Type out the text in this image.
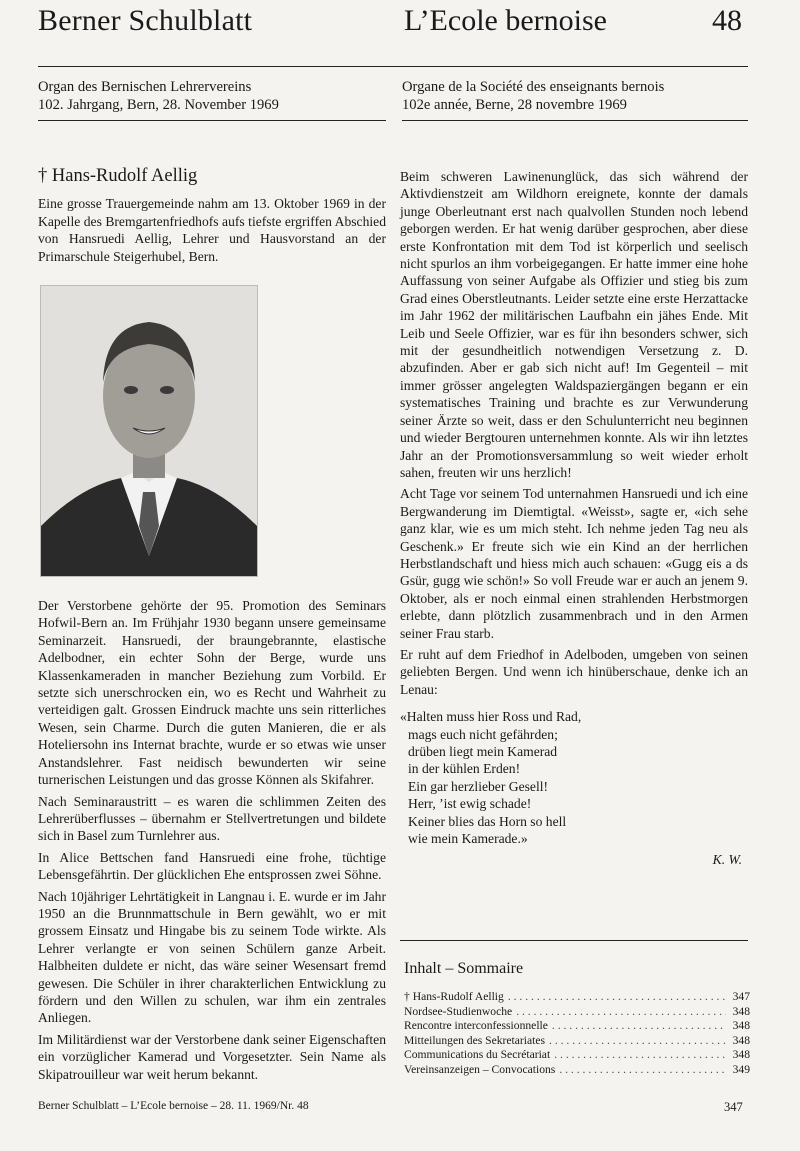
Berner Schulblatt	L’Ecole bernoise	48
Organ des Bernischen Lehrervereins
102. Jahrgang, Bern, 28. November 1969
Organe de la Société des enseignants bernois
102e année, Berne, 28 novembre 1969
† Hans-Rudolf Aellig

Eine grosse Trauergemeinde nahm am 13. Oktober 1969 in der Kapelle des Bremgartenfriedhofs aufs tiefste ergriffen Abschied von Hansruedi Aellig, Lehrer und Hausvorstand an der Primarschule Steigerhubel, Bern.

Der Verstorbene gehörte der 95. Promotion des Seminars Hofwil-Bern an. Im Frühjahr 1930 begann unsere gemeinsame Seminarzeit. Hansruedi, der braungebrannte, elastische Adelbodner, ein echter Sohn der Berge, wurde uns Klassenkameraden in mancher Beziehung zum Vorbild. Er setzte sich unerschrocken ein, wo es Recht und Wahrheit zu verteidigen galt. Grossen Eindruck machte uns sein ritterliches Wesen, sein Charme. Durch die guten Manieren, die er als Hoteliersohn ins Internat brachte, wurde er so etwas wie unser Anstandslehrer. Fast neidisch bewunderten wir seine turnerischen Leistungen und das grosse Können als Skifahrer.

Nach Seminaraustritt – es waren die schlimmen Zeiten des Lehrerüberflusses – übernahm er Stellvertretungen und bildete sich in Basel zum Turnlehrer aus.

In Alice Bettschen fand Hansruedi eine frohe, tüchtige Lebensgefährtin. Der glücklichen Ehe entsprossen zwei Söhne.

Nach 10jähriger Lehrtätigkeit in Langnau i. E. wurde er im Jahr 1950 an die Brunnmattschule in Bern gewählt, wo er mit grossem Einsatz und Hingabe bis zu seinem Tode wirkte. Als Lehrer verlangte er von seinen Schülern ganze Arbeit. Halbheiten duldete er nicht, das wäre seiner Wesensart fremd gewesen. Die Schüler in ihrer charakterlichen Entwicklung zu fördern und den Willen zu schulen, war ihm ein zentrales Anliegen.

Im Militärdienst war der Verstorbene dank seiner Eigenschaften ein vorzüglicher Kamerad und Vorgesetzter. Sein Name als Skipatrouilleur war weit herum bekannt.

Beim schweren Lawinenunglück, das sich während der Aktivdienstzeit am Wildhorn ereignete, konnte der damals junge Oberleutnant erst nach qualvollen Stunden noch lebend geborgen werden. Er hat wenig darüber gesprochen, aber diese erste Konfrontation mit dem Tod ist körperlich und seelisch nicht spurlos an ihm vorbeigegangen. Er hatte immer eine hohe Auffassung von seiner Aufgabe als Offizier und stieg bis zum Grad eines Oberstleutnants. Leider setzte eine erste Herzattacke im Jahr 1962 der militärischen Laufbahn ein jähes Ende. Mit Leib und Seele Offizier, war es für ihn besonders schwer, sich mit der gesundheitlich notwendigen Versetzung z. D. abzufinden. Aber er gab sich nicht auf! Im Gegenteil – mit immer grösser angelegten Waldspaziergängen begann er ein systematisches Training und brachte es zur Verwunderung seiner Ärzte so weit, dass er den Schulunterricht neu beginnen und wieder Bergtouren unternehmen konnte. Als wir ihn letztes Jahr an der Promotionsversammlung so weit wieder erholt sahen, freuten wir uns herzlich!

Acht Tage vor seinem Tod unternahmen Hansruedi und ich eine Bergwanderung im Diemtigtal. «Weisst», sagte er, «ich sehe ganz klar, wie es um mich steht. Ich nehme jeden Tag neu als Geschenk.» Er freute sich wie ein Kind an der herrlichen Herbstlandschaft und hiess mich auch schauen: «Gugg eis a ds Gsür, gugg wie schön!» So voll Freude war er auch an jenem 9. Oktober, als er noch einmal einen strahlenden Herbstmorgen erlebte, dann plötzlich zusammenbrach und in den Armen seiner Frau starb.

Er ruht auf dem Friedhof in Adelboden, umgeben von seinen geliebten Bergen. Und wenn ich hinüberschaue, denke ich an Lenau:

«Halten muss hier Ross und Rad,
mags euch nicht gefährden;
drüben liegt mein Kamerad
in der kühlen Erden!
Ein gar herzlieber Gesell!
Herr, ’ist ewig schade!
Keiner blies das Horn so hell
wie mein Kamerade.»
K. W.
Inhalt – Sommaire
† Hans-Rudolf Aellig . . .	347
Nordsee-Studienwoche . . .	348
Rencontre interconfessionnelle . . .	348
Mitteilungen des Sekretariates . . .	348
Communications du Secrétariat . . .	348
Vereinsanzeigen – Convocations . . .	349
Berner Schulblatt – L’Ecole bernoise – 28. 11. 1969/Nr. 48	347
